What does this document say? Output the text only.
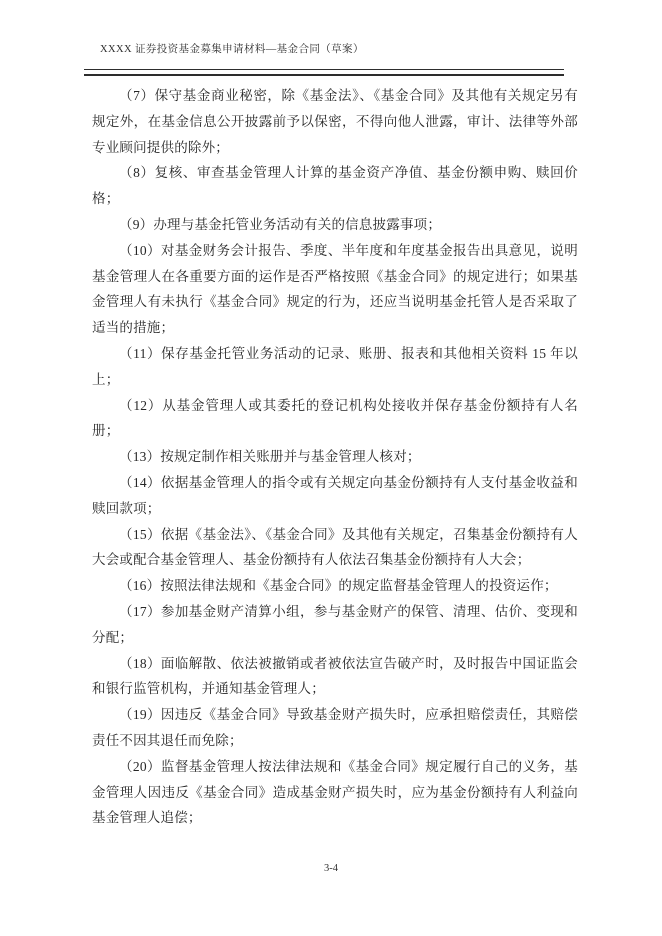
XXXX 证券投资基金募集申请材料—基金合同（草案）

（7）保守基金商业秘密，除《基金法》、《基金合同》及其他有关规定另有规定外，在基金信息公开披露前予以保密，不得向他人泄露，审计、法律等外部专业顾问提供的除外；

（8）复核、审查基金管理人计算的基金资产净值、基金份额申购、赎回价格；

（9）办理与基金托管业务活动有关的信息披露事项；

（10）对基金财务会计报告、季度、半年度和年度基金报告出具意见，说明基金管理人在各重要方面的运作是否严格按照《基金合同》的规定进行；如果基金管理人有未执行《基金合同》规定的行为，还应当说明基金托管人是否采取了适当的措施；

（11）保存基金托管业务活动的记录、账册、报表和其他相关资料 15 年以上；

（12）从基金管理人或其委托的登记机构处接收并保存基金份额持有人名册；

（13）按规定制作相关账册并与基金管理人核对；

（14）依据基金管理人的指令或有关规定向基金份额持有人支付基金收益和赎回款项；

（15）依据《基金法》、《基金合同》及其他有关规定，召集基金份额持有人大会或配合基金管理人、基金份额持有人依法召集基金份额持有人大会；

（16）按照法律法规和《基金合同》的规定监督基金管理人的投资运作；

（17）参加基金财产清算小组，参与基金财产的保管、清理、估价、变现和分配；

（18）面临解散、依法被撤销或者被依法宣告破产时，及时报告中国证监会和银行监管机构，并通知基金管理人；

（19）因违反《基金合同》导致基金财产损失时，应承担赔偿责任，其赔偿责任不因其退任而免除；

（20）监督基金管理人按法律法规和《基金合同》规定履行自己的义务，基金管理人因违反《基金合同》造成基金财产损失时，应为基金份额持有人利益向基金管理人追偿；

3-4
